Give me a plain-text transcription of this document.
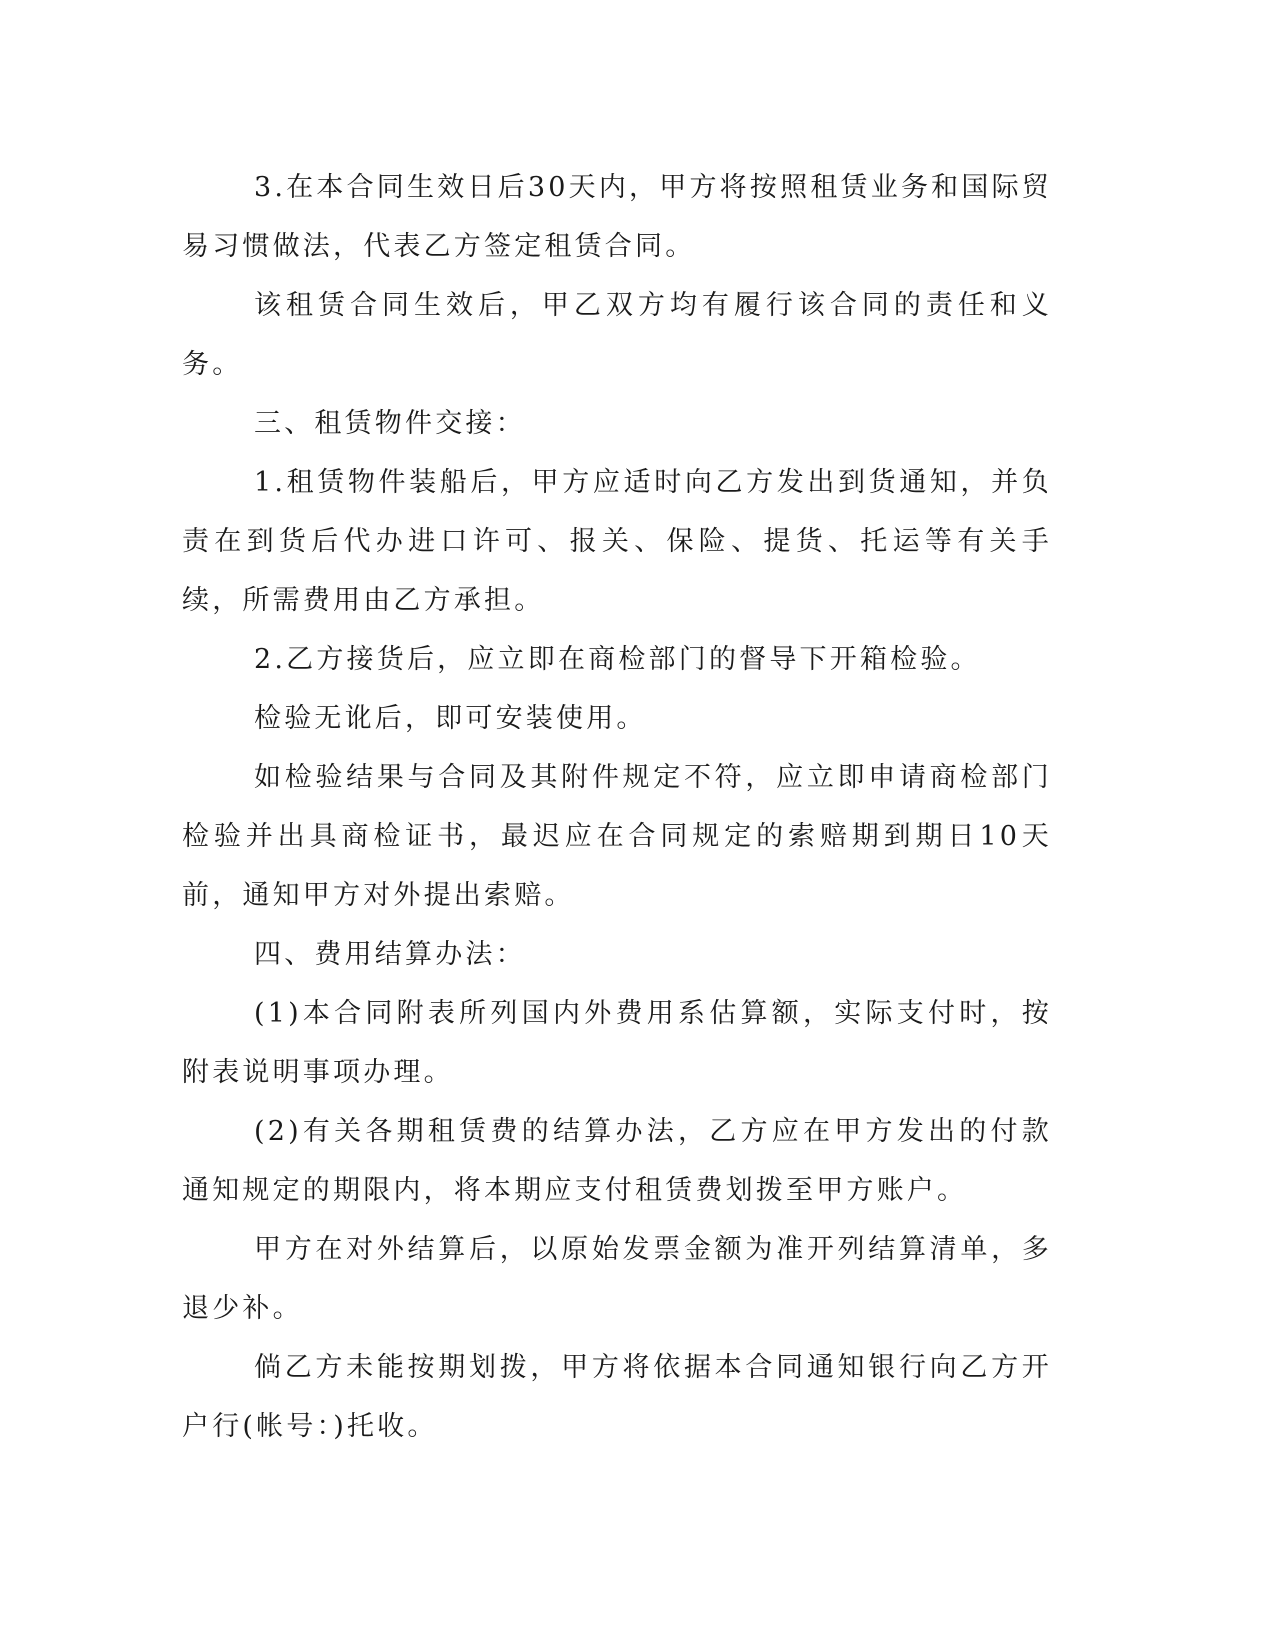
3.在本合同生效日后30天内，甲方将按照租赁业务和国际贸易习惯做法，代表乙方签定租赁合同。

该租赁合同生效后，甲乙双方均有履行该合同的责任和义务。

三、租赁物件交接：

1.租赁物件装船后，甲方应适时向乙方发出到货通知，并负责在到货后代办进口许可、报关、保险、提货、托运等有关手续，所需费用由乙方承担。

2.乙方接货后，应立即在商检部门的督导下开箱检验。

检验无讹后，即可安装使用。

如检验结果与合同及其附件规定不符，应立即申请商检部门检验并出具商检证书，最迟应在合同规定的索赔期到期日10天前，通知甲方对外提出索赔。

四、费用结算办法：

(1)本合同附表所列国内外费用系估算额，实际支付时，按附表说明事项办理。

(2)有关各期租赁费的结算办法，乙方应在甲方发出的付款通知规定的期限内，将本期应支付租赁费划拨至甲方账户。

甲方在对外结算后，以原始发票金额为准开列结算清单，多退少补。

倘乙方未能按期划拨，甲方将依据本合同通知银行向乙方开户行(帐号：)托收。
